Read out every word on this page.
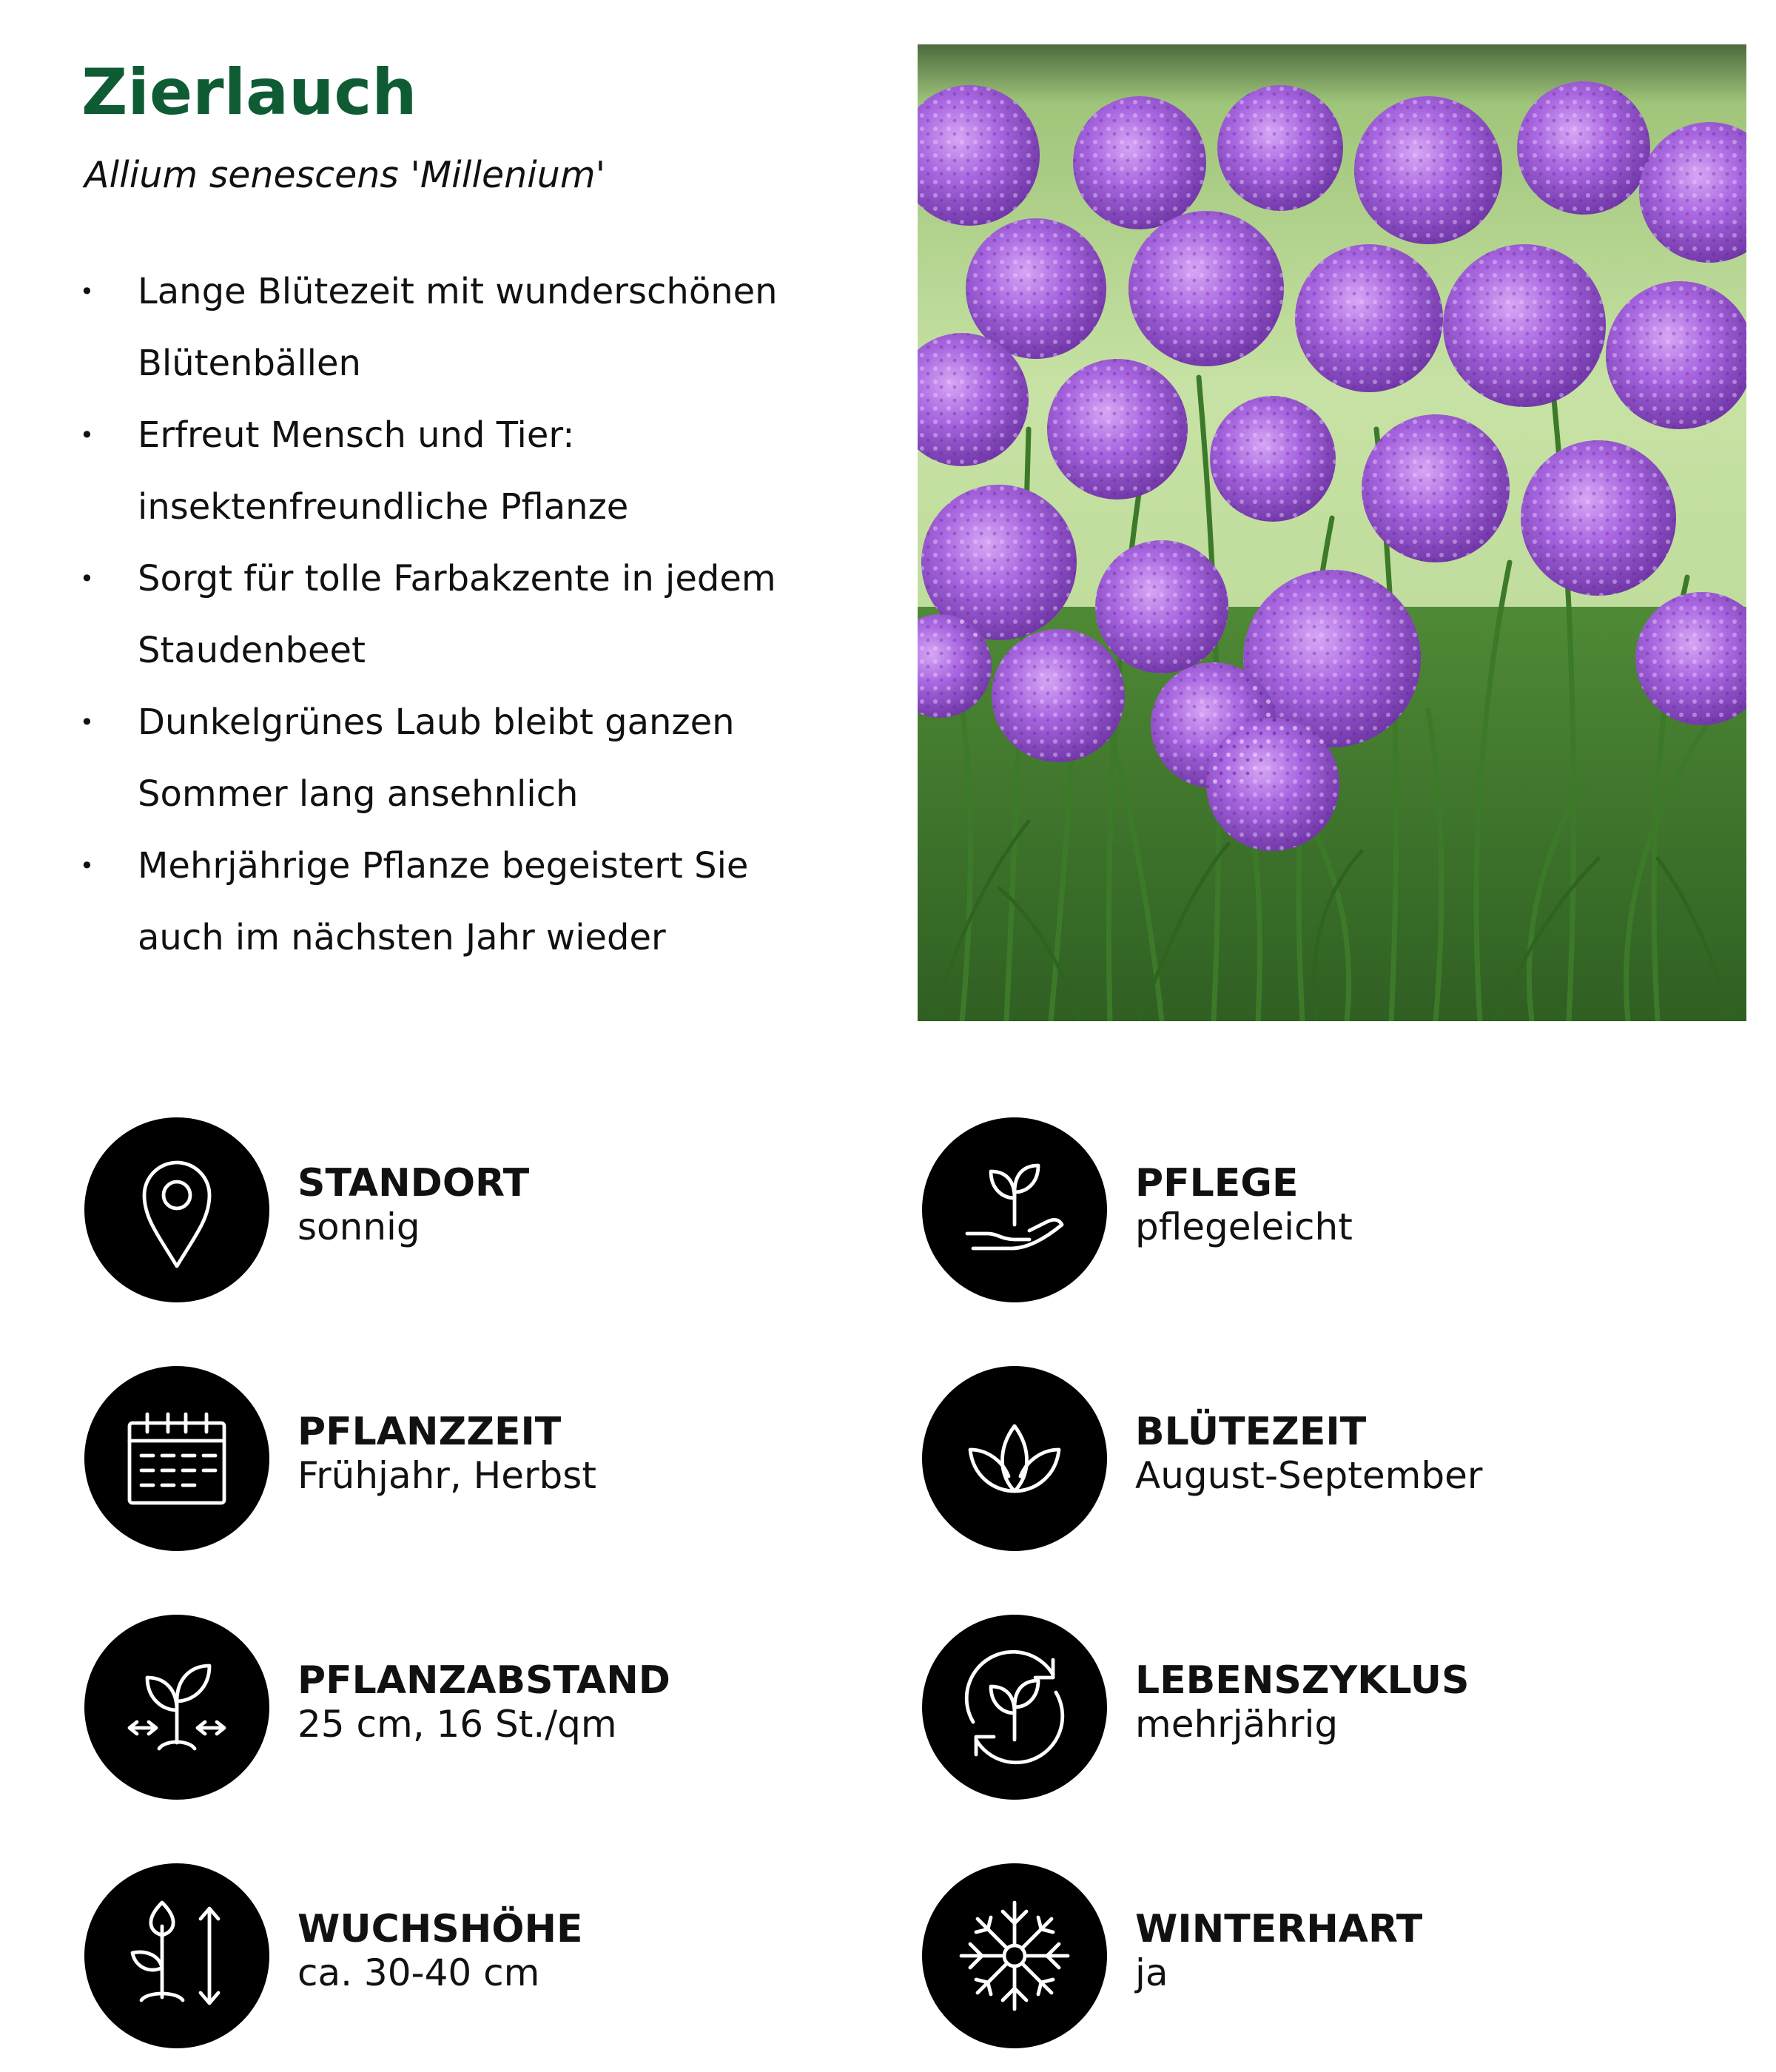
Zierlauch
Allium senescens 'Millenium'
• Lange Blütezeit mit wunderschönen Blütenbällen
• Erfreut Mensch und Tier: insektenfreundliche Pflanze
• Sorgt für tolle Farbakzente in jedem Staudenbeet
• Dunkelgrünes Laub bleibt ganzen Sommer lang ansehnlich
• Mehrjährige Pflanze begeistert Sie auch im nächsten Jahr wieder
STANDORT
sonnig
PFLEGE
pflegeleicht
PFLANZZEIT
Frühjahr, Herbst
BLÜTEZEIT
August-September
PFLANZABSTAND
25 cm, 16 St./qm
LEBENSZYKLUS
mehrjährig
WUCHSHÖHE
ca. 30-40 cm
WINTERHART
ja
